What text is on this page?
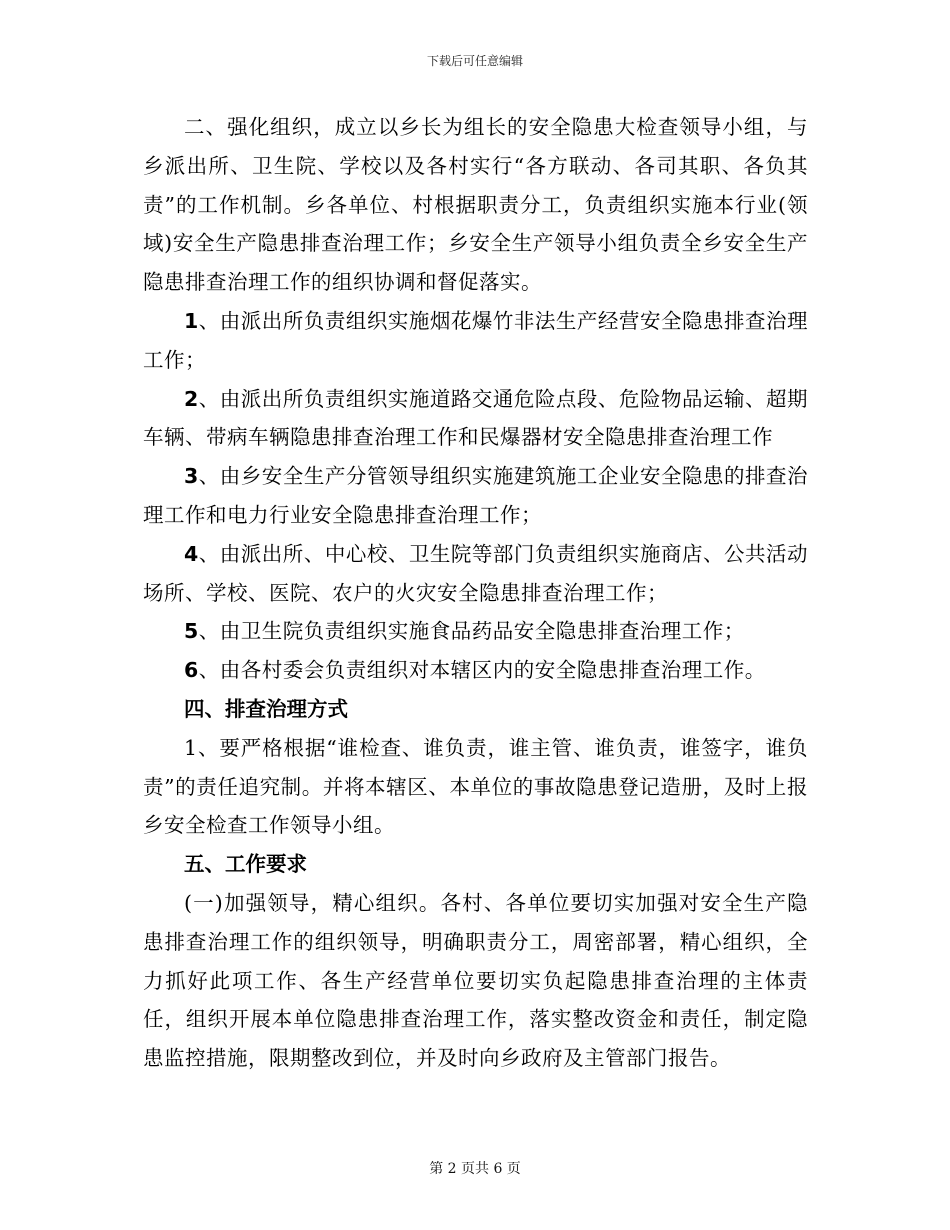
下载后可任意编辑

二、强化组织，成立以乡长为组长的安全隐患大检查领导小组，与乡派出所、卫生院、学校以及各村实行“各方联动、各司其职、各负其责”的工作机制。乡各单位、村根据职责分工，负责组织实施本行业(领域)安全生产隐患排查治理工作；乡安全生产领导小组负责全乡安全生产隐患排查治理工作的组织协调和督促落实。

1、由派出所负责组织实施烟花爆竹非法生产经营安全隐患排查治理工作；

2、由派出所负责组织实施道路交通危险点段、危险物品运输、超期车辆、带病车辆隐患排查治理工作和民爆器材安全隐患排查治理工作

3、由乡安全生产分管领导组织实施建筑施工企业安全隐患的排查治理工作和电力行业安全隐患排查治理工作；

4、由派出所、中心校、卫生院等部门负责组织实施商店、公共活动场所、学校、医院、农户的火灾安全隐患排查治理工作；

5、由卫生院负责组织实施食品药品安全隐患排查治理工作；

6、由各村委会负责组织对本辖区内的安全隐患排查治理工作。

四、排查治理方式

1、要严格根据“谁检查、谁负责，谁主管、谁负责，谁签字，谁负责”的责任追究制。并将本辖区、本单位的事故隐患登记造册，及时上报乡安全检查工作领导小组。

五、工作要求

(一)加强领导，精心组织。各村、各单位要切实加强对安全生产隐患排查治理工作的组织领导，明确职责分工，周密部署，精心组织，全力抓好此项工作、各生产经营单位要切实负起隐患排查治理的主体责任，组织开展本单位隐患排查治理工作，落实整改资金和责任，制定隐患监控措施，限期整改到位，并及时向乡政府及主管部门报告。

第 2 页共 6 页
